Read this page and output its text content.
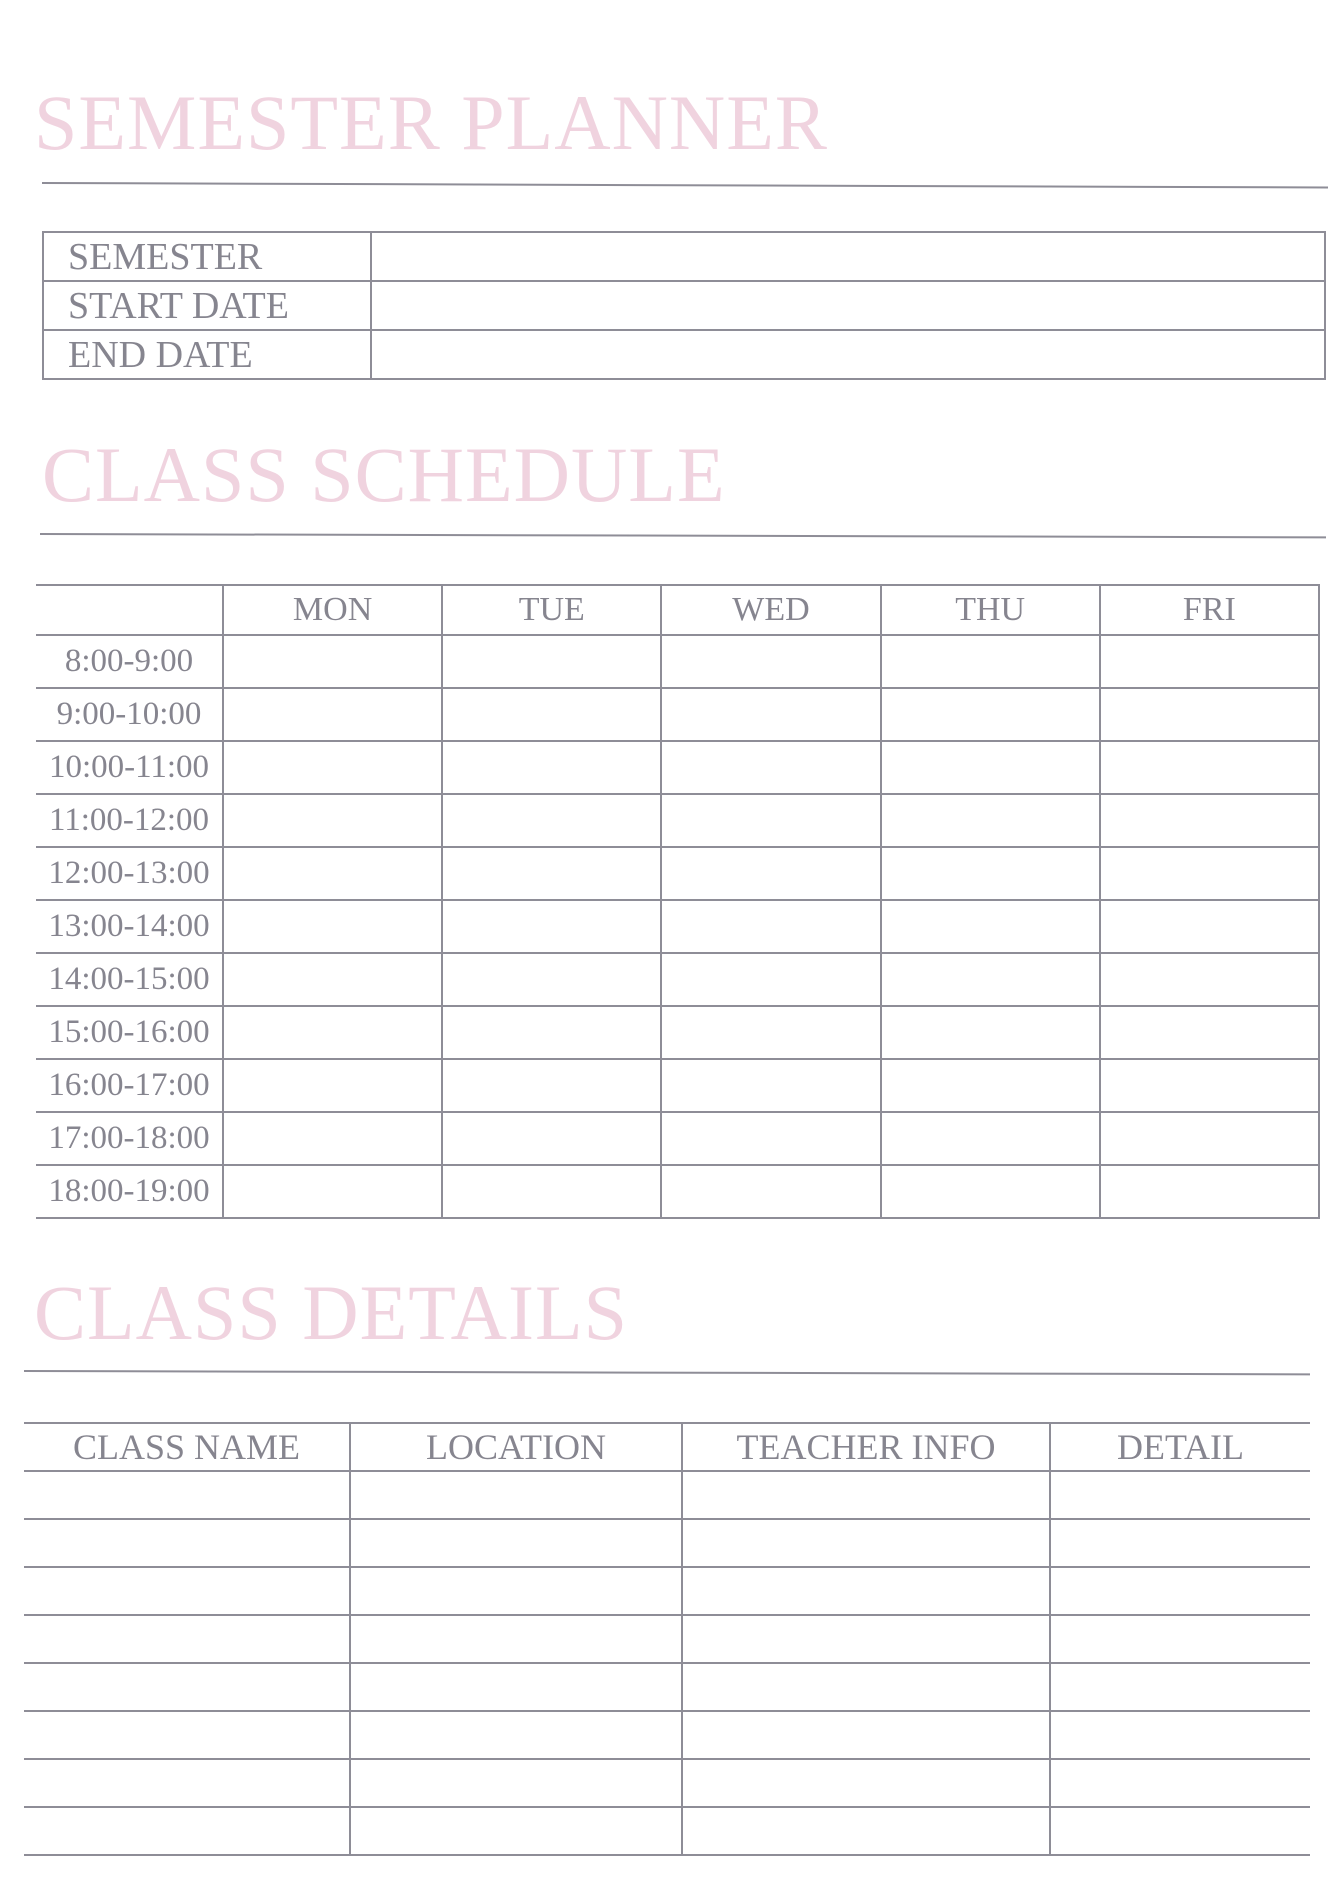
SEMESTER PLANNER
SEMESTER	
START DATE	
END DATE	
CLASS SCHEDULE
	MON	TUE	WED	THU	FRI
8:00-9:00					
9:00-10:00					
10:00-11:00					
11:00-12:00					
12:00-13:00					
13:00-14:00					
14:00-15:00					
15:00-16:00					
16:00-17:00					
17:00-18:00					
18:00-19:00					
CLASS DETAILS
CLASS NAME	LOCATION	TEACHER INFO	DETAIL
